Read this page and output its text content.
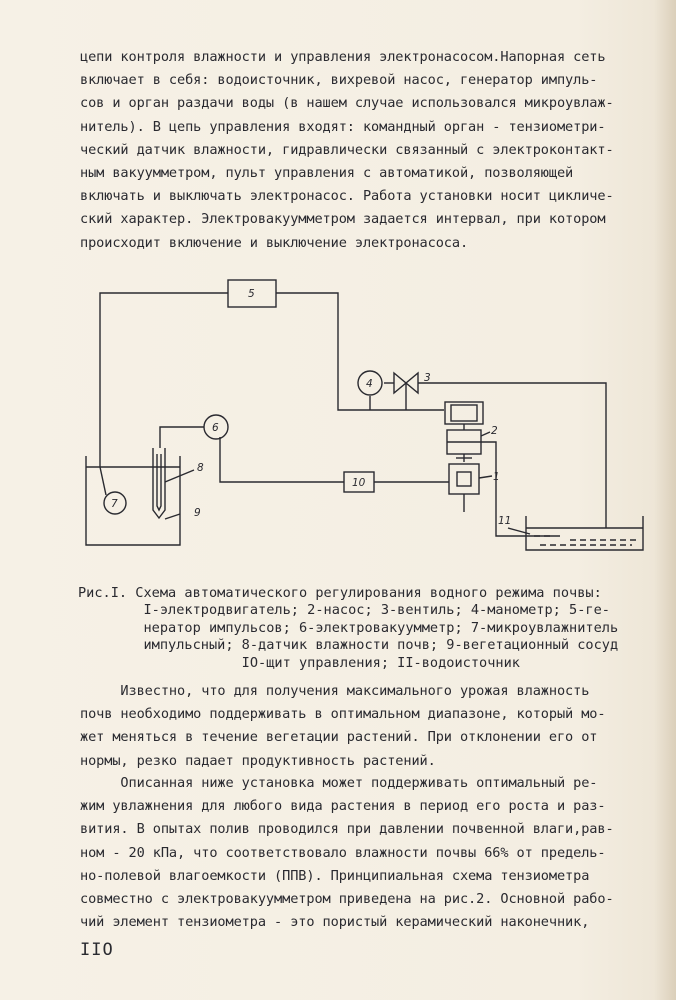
цепи контроля влажности и управления электронасосом.Напорная сеть
включает в себя: водоисточник, вихревой насос, генератор импуль-
сов и орган раздачи воды (в нашем случае использовался микроувлаж-
нитель). В цепь управления входят: командный орган - тензиометри-
ческий датчик влажности, гидравлически связанный с электроконтакт-
ным вакуумметром, пульт управления с автоматикой, позволяющей
включать и выключать электронасос. Работа установки носит цикличе-
ский характер. Электровакуумметром задается интервал, при котором
происходит включение и выключение электронасоса.

1
2
3
4
5
6
7
8
9
10
11

Рис.I. Схема автоматического регулирования водного режима почвы:
I-электродвигатель; 2-насос; 3-вентиль; 4-манометр; 5-ге-
нератор импульсов; 6-электровакуумметр; 7-микроувлажнитель
импульсный; 8-датчик влажности почв; 9-вегетационный сосуд
IO-щит управления; II-водоисточник

Известно, что для получения максимального урожая влажность
почв необходимо поддерживать в оптимальном диапазоне, который мо-
жет меняться в течение вегетации растений. При отклонении его от
нормы, резко падает продуктивность растений.

Описанная ниже установка может поддерживать оптимальный ре-
жим увлажнения для любого вида растения в период его роста и раз-
вития. В опытах полив проводился при давлении почвенной влаги,рав-
ном - 20 кПа, что соответствовало влажности почвы 66% от предель-
но-полевой влагоемкости (ППВ). Принципиальная схема тензиометра
совместно с электровакуумметром приведена на рис.2. Основной рабо-
чий элемент тензиометра - это пористый керамический наконечник,

IIO
